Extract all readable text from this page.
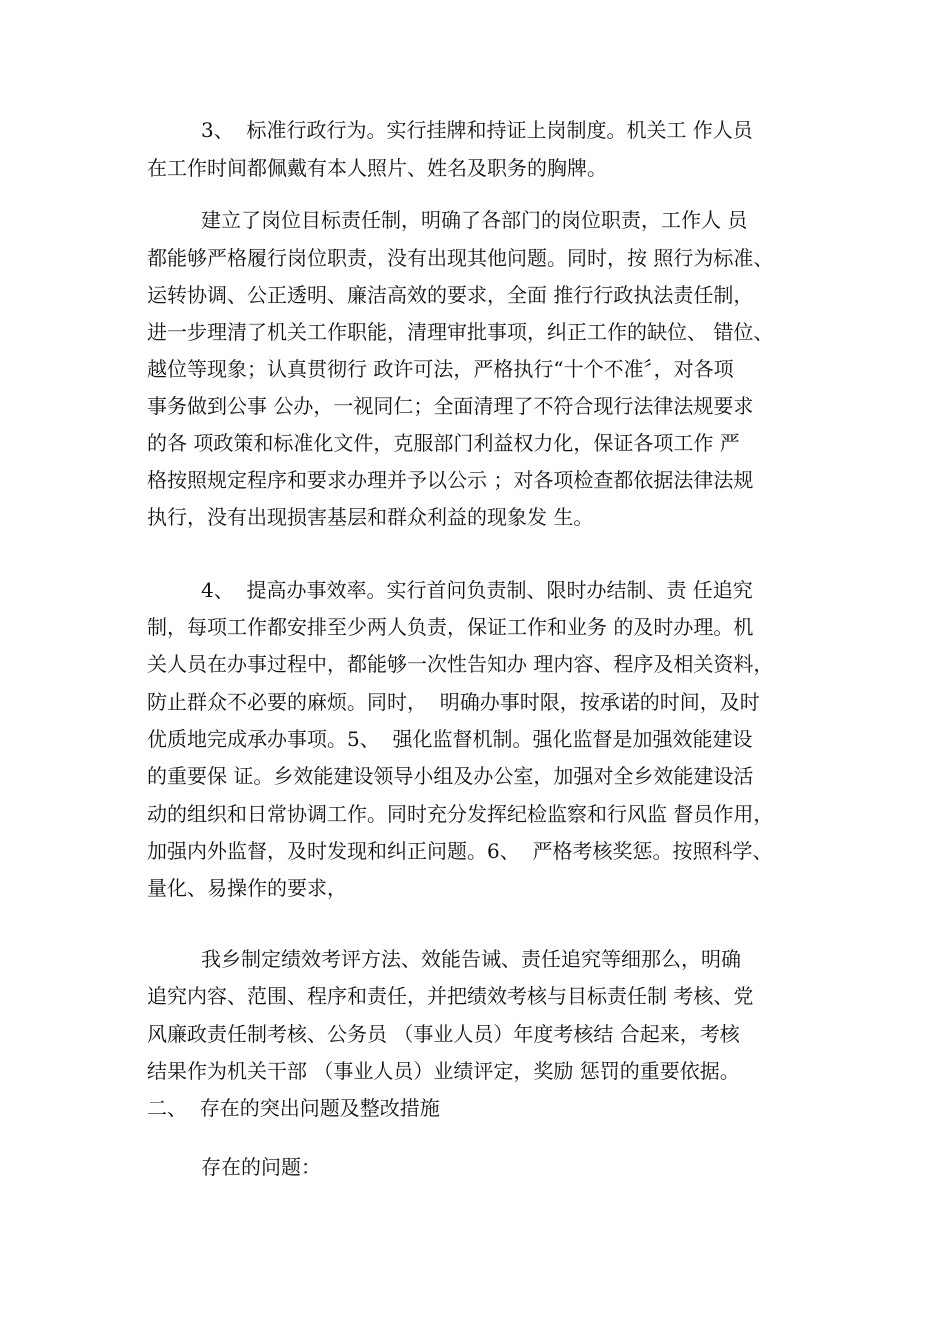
3、  标准行政行为。实行挂牌和持证上岗制度。机关工 作人员
在工作时间都佩戴有本人照片、姓名及职务的胸牌。
建立了岗位目标责任制，明确了各部门的岗位职责，工作人 员
都能够严格履行岗位职责，没有出现其他问题。同时，按 照行为标准、
运转协调、公正透明、廉洁高效的要求，全面 推行行政执法责任制，
进一步理清了机关工作职能，清理审批事项，纠正工作的缺位、 错位、
越位等现象；认真贯彻行 政许可法，严格执行“十个不准〞，对各项
事务做到公事 公办，一视同仁；全面清理了不符合现行法律法规要求
的各 项政策和标准化文件，克服部门利益权力化，保证各项工作 严
格按照规定程序和要求办理并予以公示 ；对各项检查都依据法律法规
执行，没有出现损害基层和群众利益的现象发 生。
4、  提高办事效率。实行首问负责制、限时办结制、责 任追究
制，每项工作都安排至少两人负责，保证工作和业务 的及时办理。机
关人员在办事过程中，都能够一次性告知办 理内容、程序及相关资料，
防止群众不必要的麻烦。同时，  明确办事时限，按承诺的时间，及时
优质地完成承办事项。5、  强化监督机制。强化监督是加强效能建设
的重要保 证。乡效能建设领导小组及办公室，加强对全乡效能建设活
动的组织和日常协调工作。同时充分发挥纪检监察和行风监 督员作用，
加强内外监督，及时发现和纠正问题。6、  严格考核奖惩。按照科学、
量化、易操作的要求，
我乡制定绩效考评方法、效能告诫、责任追究等细那么，明确
追究内容、范围、程序和责任，并把绩效考核与目标责任制 考核、党
风廉政责任制考核、公务员 （事业人员）年度考核结 合起来，考核
结果作为机关干部 （事业人员）业绩评定，奖励 惩罚的重要依据。
二、  存在的突出问题及整改措施
存在的问题：
